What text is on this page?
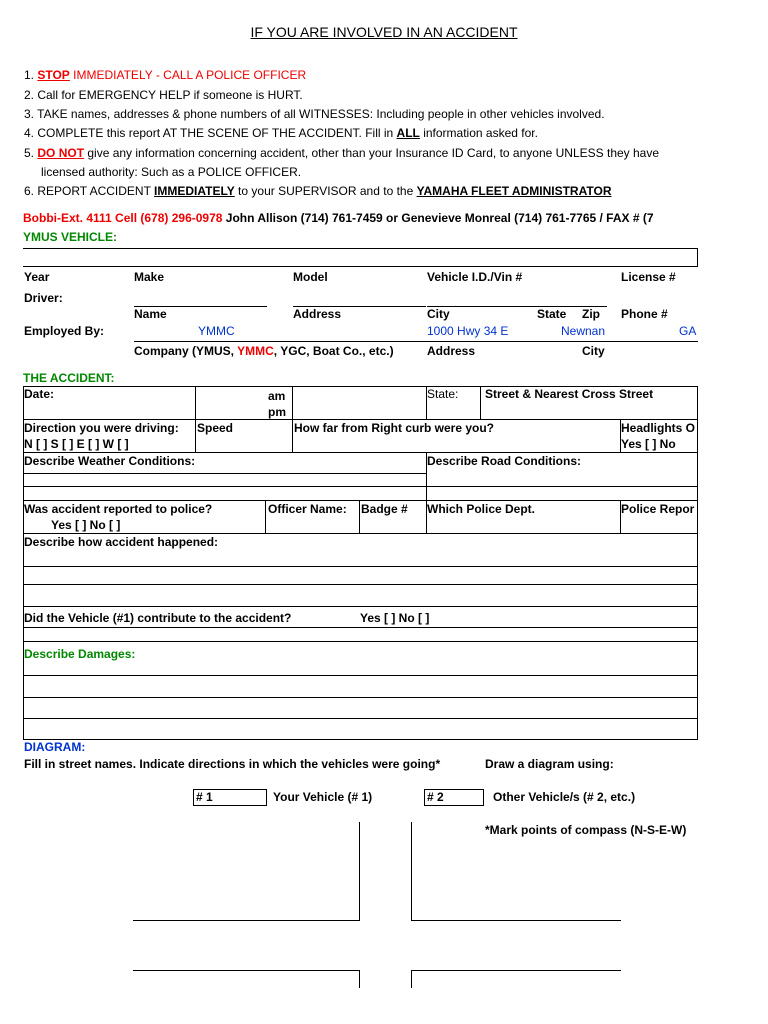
IF YOU ARE INVOLVED IN AN ACCIDENT
1. STOP IMMEDIATELY - CALL A POLICE OFFICER
2. Call for EMERGENCY HELP if someone is HURT.
3. TAKE names, addresses & phone numbers of all WITNESSES: Including people in other vehicles involved.
4. COMPLETE this report AT THE SCENE OF THE ACCIDENT. Fill in ALL information asked for.
5. DO NOT give any information concerning accident, other than your Insurance ID Card, to anyone UNLESS they have
licensed authority: Such as a POLICE OFFICER.
6. REPORT ACCIDENT IMMEDIATELY to your SUPERVISOR and to the YAMAHA FLEET ADMINISTRATOR
Bobbi-Ext. 4111 Cell (678) 296-0978 John Allison (714) 761-7459 or Genevieve Monreal (714) 761-7765 / FAX # (7
YMUS VEHICLE:
Year	Make	Model	Vehicle I.D./Vin #	License #
Driver:
Name	Address	City	State Zip Phone #
Employed By:	YMMC	1000 Hwy 34 E	Newnan	GA
Company (YMUS, YMMC, YGC, Boat Co., etc.)	Address	City
THE ACCIDENT:
Date:	am
pm
State: Street & Nearest Cross Street
Direction you were driving:
N [ ] S [ ] E [ ] W [ ]
Speed	How far from Right curb were you?	Headlights O
Yes [ ] No
Describe Weather Conditions:	Describe Road Conditions:
Was accident reported to police?
Yes [ ] No [ ]
Officer Name: Badge # Which Police Dept.	Police Repor
Describe how accident happened:
Did the Vehicle (#1) contribute to the accident?	Yes [ ] No [ ]
Describe Damages:
DIAGRAM:
Fill in street names. Indicate directions in which the vehicles were going*	Draw a diagram using:
# 1	Your Vehicle (# 1)	# 2	Other Vehicle/s (# 2, etc.)
*Mark points of compass (N-S-E-W)
